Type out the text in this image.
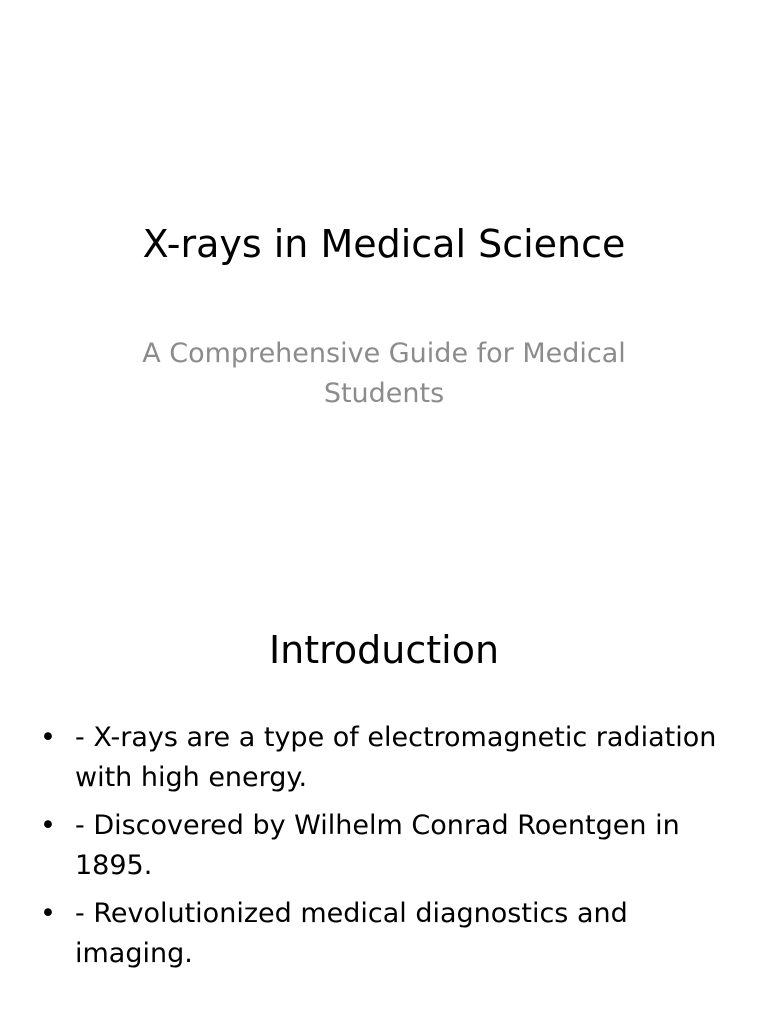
X-rays in Medical Science

A Comprehensive Guide for Medical Students

Introduction
• - X-rays are a type of electromagnetic radiation with high energy.
• - Discovered by Wilhelm Conrad Roentgen in 1895.
• - Revolutionized medical diagnostics and imaging.
